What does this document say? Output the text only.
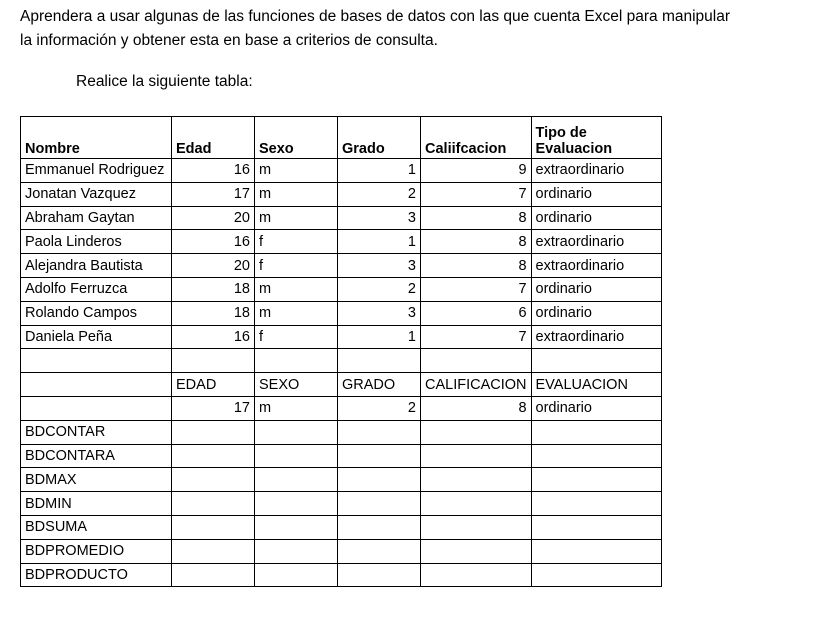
Aprendera a usar algunas de las funciones de bases de datos con las que cuenta Excel para manipular

la información y obtener esta en base a criterios de consulta.

Realice la siguiente tabla:
Nombre	Edad	Sexo	Grado	Caliifcacion	Tipo de
Evaluacion
Emmanuel Rodriguez	16	m	1	9	extraordinario
Jonatan Vazquez	17	m	2	7	ordinario
Abraham Gaytan	20	m	3	8	ordinario
Paola Linderos	16	f	1	8	extraordinario
Alejandra Bautista	20	f	3	8	extraordinario
Adolfo Ferruzca	18	m	2	7	ordinario
Rolando Campos	18	m	3	6	ordinario
Daniela Peña	16	f	1	7	extraordinario

	EDAD	SEXO	GRADO	CALIFICACION	EVALUACION
	17	m	2	8	ordinario
BDCONTAR					
BDCONTARA					
BDMAX					
BDMIN					
BDSUMA					
BDPROMEDIO					
BDPRODUCTO					
